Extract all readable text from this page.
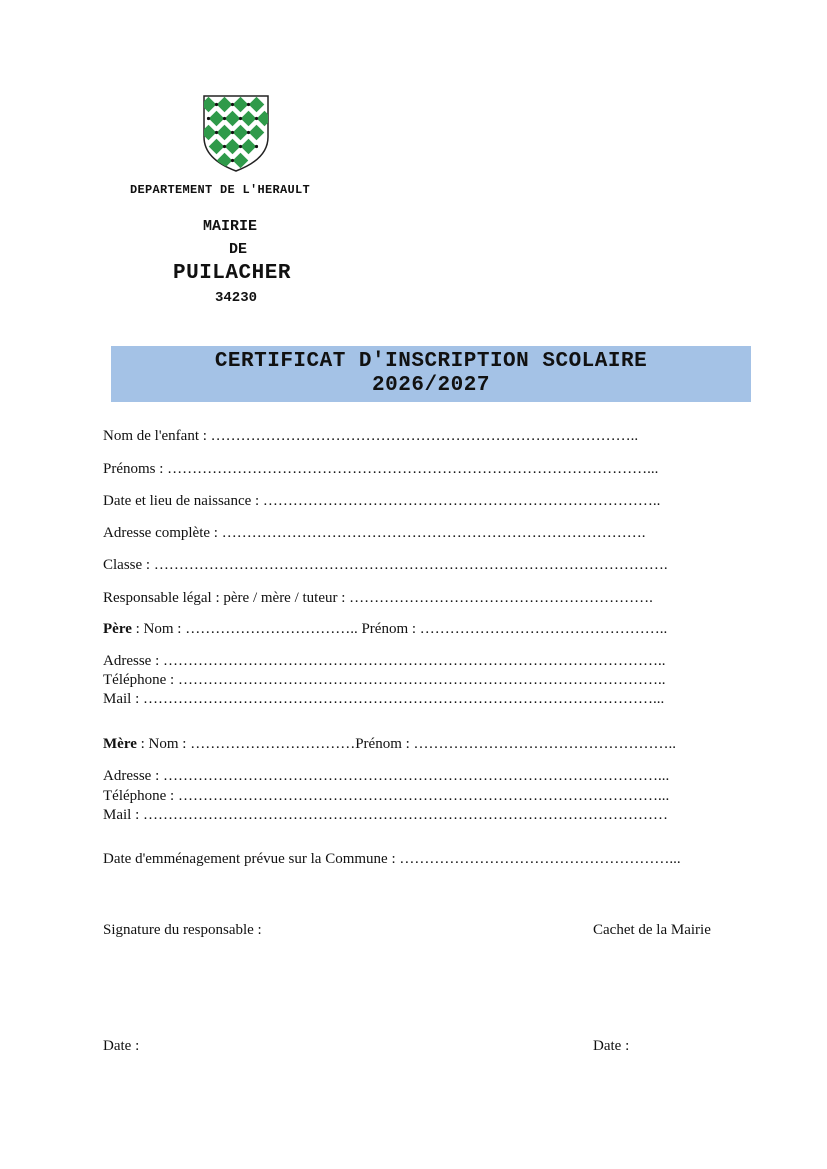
DEPARTEMENT DE L'HERAULT
MAIRIE
DE
PUILACHER
34230
CERTIFICAT D'INSCRIPTION SCOLAIRE
2026/2027
Nom de l'enfant : …………………………………………………………………………..
Prénoms : ……………………………………………………………………………………...
Date et lieu de naissance : ……………………………………………………………………..
Adresse complète : ………………………………………………………………………….
Classe : ………………………………………………………………………………………….
Responsable légal : père / mère / tuteur : …………………………………………………….
Père : Nom : …………………………….. Prénom : …………………………………………..
Adresse : ………………………………………………………………………………………..
Téléphone : ……………………………………………………………………………………..
Mail : …………………………………………………………………………………………...
Mère : Nom : ……………………………Prénom : ……………………………………………..
Adresse : ………………………………………………………………………………………...
Téléphone : ……………………………………………………………………………………...
Mail : ……………………………………………………………………………………………
Date d'emménagement prévue sur la Commune : ………………………………………………...
Signature du responsable :	Cachet de la Mairie
Date :	Date :
